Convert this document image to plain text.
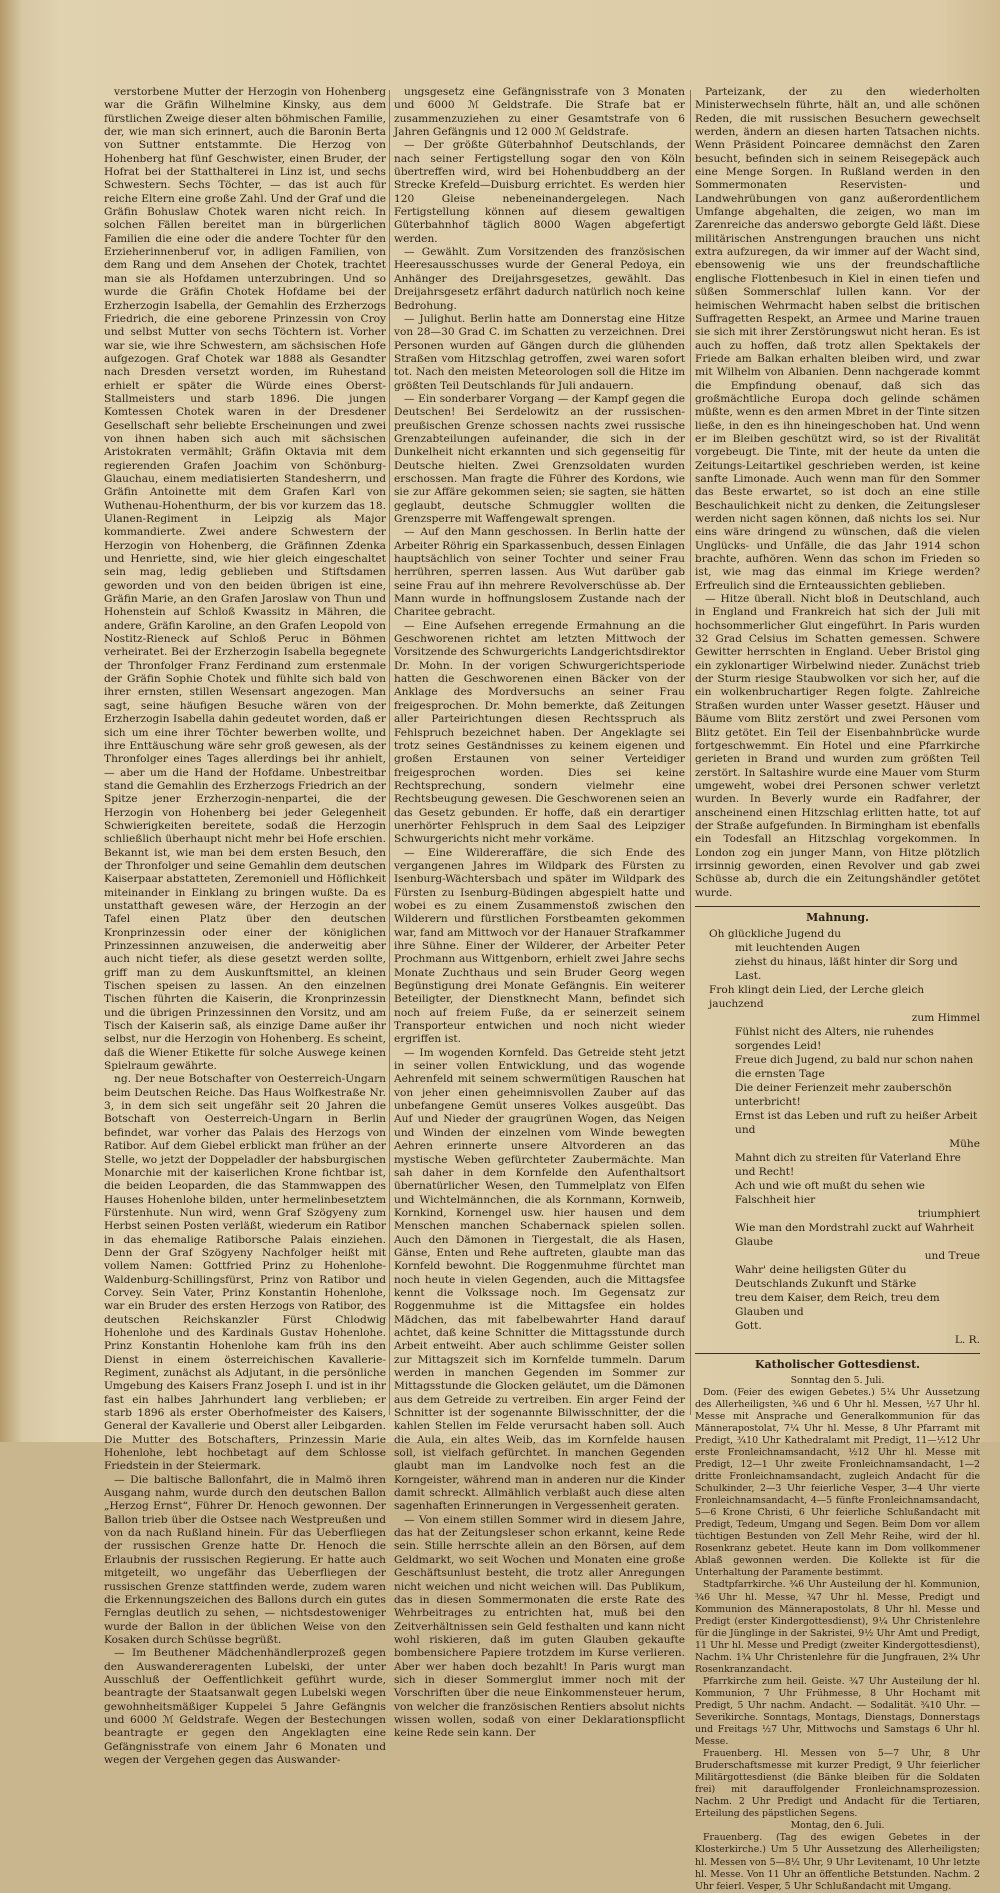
verstorbene Mutter der Herzogin von Hohenberg war die Gräfin Wilhelmine Kinsky, aus dem fürstlichen Zweige dieser alten böhmischen Familie, der, wie man sich erinnert, auch die Baronin Berta von Suttner entstammte. Die Herzog von Hohenberg hat fünf Geschwister, einen Bruder, der Hofrat bei der Statthalterei in Linz ist, und sechs Schwestern. Sechs Töchter, — das ist auch für reiche Eltern eine große Zahl. Und der Graf und die Gräfin Bohuslaw Chotek waren nicht reich. In solchen Fällen bereitet man in bürgerlichen Familien die eine oder die andere Tochter für den Erzieherinnenberuf vor, in adligen Familien, von dem Rang und dem Ansehen der Chotek, trachtet man sie als Hofdamen unterzubringen. Und so wurde die Gräfin Chotek Hofdame bei der Erzherzogin Isabella, der Gemahlin des Erzherzogs Friedrich, die eine geborene Prinzessin von Croy und selbst Mutter von sechs Töchtern ist. Vorher war sie, wie ihre Schwestern, am sächsischen Hofe aufgezogen. Graf Chotek war 1888 als Gesandter nach Dresden versetzt worden, im Ruhestand erhielt er später die Würde eines Oberst-Stallmeisters und starb 1896. Die jungen Komtessen Chotek waren in der Dresdener Gesellschaft sehr beliebte Erscheinungen und zwei von ihnen haben sich auch mit sächsischen Aristokraten vermählt; Gräfin Oktavia mit dem regierenden Grafen Joachim von Schönburg-Glauchau, einem mediatisierten Standesherrn, und Gräfin Antoinette mit dem Grafen Karl von Wuthenau-Hohenthurm, der bis vor kurzem das 18. Ulanen-Regiment in Leipzig als Major kommandierte. Zwei andere Schwestern der Herzogin von Hohenberg, die Gräfinnen Zdenka und Henriette, sind, wie hier gleich eingeschaltet sein mag, ledig geblieben und Stiftsdamen geworden und von den beiden übrigen ist eine, Gräfin Marie, an den Grafen Jaroslaw von Thun und Hohenstein auf Schloß Kwassitz in Mähren, die andere, Gräfin Karoline, an den Grafen Leopold von Nostitz-Rieneck auf Schloß Peruc in Böhmen verheiratet. Bei der Erzherzogin Isabella begegnete der Thronfolger Franz Ferdinand zum erstenmale der Gräfin Sophie Chotek und fühlte sich bald von ihrer ernsten, stillen Wesensart angezogen. Man sagt, seine häufigen Besuche wären von der Erzherzogin Isabella dahin gedeutet worden, daß er sich um eine ihrer Töchter bewerben wollte, und ihre Enttäuschung wäre sehr groß gewesen, als der Thronfolger eines Tages allerdings bei ihr anhielt, — aber um die Hand der Hofdame. Unbestreitbar stand die Gemahlin des Erzherzogs Friedrich an der Spitze jener Erzherzogin-nenpartei, die der Herzogin von Hohenberg bei jeder Gelegenheit Schwierigkeiten bereitete, sodaß die Herzogin schließlich überhaupt nicht mehr bei Hofe erschien. Bekannt ist, wie man bei dem ersten Besuch, den der Thronfolger und seine Gemahlin dem deutschen Kaiserpaar abstatteten, Zeremoniell und Höflichkeit miteinander in Einklang zu bringen wußte. Da es unstatthaft gewesen wäre, der Herzogin an der Tafel einen Platz über den deutschen Kronprinzessin oder einer der königlichen Prinzessinnen anzuweisen, die anderweitig aber auch nicht tiefer, als diese gesetzt werden sollte, griff man zu dem Auskunftsmittel, an kleinen Tischen speisen zu lassen. An den einzelnen Tischen führten die Kaiserin, die Kronprinzessin und die übrigen Prinzessinnen den Vorsitz, und am Tisch der Kaiserin saß, als einzige Dame außer ihr selbst, nur die Herzogin von Hohenberg. Es scheint, daß die Wiener Etikette für solche Auswege keinen Spielraum gewährte.

ng. Der neue Botschafter von Oesterreich-Ungarn beim Deutschen Reiche. Das Haus Wolfkestraße Nr. 3, in dem sich seit ungefähr seit 20 Jahren die Botschaft von Oesterreich-Ungarn in Berlin befindet, war vorher das Palais des Herzogs von Ratibor. Auf dem Giebel erblickt man früher an der Stelle, wo jetzt der Doppeladler der habsburgischen Monarchie mit der kaiserlichen Krone fichtbar ist, die beiden Leoparden, die das Stammwappen des Hauses Hohenlohe bilden, unter hermelinbesetztem Fürstenhute. Nun wird, wenn Graf Szögyeny zum Herbst seinen Posten verläßt, wiederum ein Ratibor in das ehemalige Ratiborsche Palais einziehen. Denn der Graf Szögyeny Nachfolger heißt mit vollem Namen: Gottfried Prinz zu Hohenlohe-Waldenburg-Schillingsfürst, Prinz von Ratibor und Corvey. Sein Vater, Prinz Konstantin Hohenlohe, war ein Bruder des ersten Herzogs von Ratibor, des deutschen Reichskanzler Fürst Chlodwig Hohenlohe und des Kardinals Gustav Hohenlohe. Prinz Konstantin Hohenlohe kam früh ins den Dienst in einem österreichischen Kavallerie-Regiment, zunächst als Adjutant, in die persönliche Umgebung des Kaisers Franz Joseph I. und ist in ihr fast ein halbes Jahrhundert lang verblieben; er starb 1896 als erster Oberhofmeister des Kaisers, General der Kavallerie und Oberst aller Leibgarden. Die Mutter des Botschafters, Prinzessin Marie Hohenlohe, lebt hochbetagt auf dem Schlosse Friedstein in der Steiermark.

— Die baltische Ballonfahrt, die in Malmö ihren Ausgang nahm, wurde durch den deutschen Ballon „Herzog Ernst“, Führer Dr. Henoch gewonnen. Der Ballon trieb über die Ostsee nach Westpreußen und von da nach Rußland hinein. Für das Ueberfliegen der russischen Grenze hatte Dr. Henoch die Erlaubnis der russischen Regierung. Er hatte auch mitgeteilt, wo ungefähr das Ueberfliegen der russischen Grenze stattfinden werde, zudem waren die Erkennungszeichen des Ballons durch ein gutes Fernglas deutlich zu sehen, — nichtsdestoweniger wurde der Ballon in der üblichen Weise von den Kosaken durch Schüsse begrüßt.

— Im Beuthener Mädchenhändlerprozeß gegen den Auswandereragenten Lubelski, der unter Ausschluß der Oeffentlichkeit geführt wurde, beantragte der Staatsanwalt gegen Lubelski wegen gewohnheitsmäßiger Kuppelei 5 Jahre Gefängnis und 6000 ℳ Geldstrafe. Wegen der Bestechungen beantragte er gegen den Angeklagten eine Gefängnisstrafe von einem Jahr 6 Monaten und wegen der Vergehen gegen das Auswander-

ungsgesetz eine Gefängnisstrafe von 3 Monaten und 6000 ℳ Geldstrafe. Die Strafe bat er zusammenzuziehen zu einer Gesamtstrafe von 6 Jahren Gefängnis und 12 000 ℳ Geldstrafe.

— Der größte Güterbahnhof Deutschlands, der nach seiner Fertigstellung sogar den von Köln übertreffen wird, wird bei Hohenbuddberg an der Strecke Krefeld—Duisburg errichtet. Es werden hier 120 Gleise nebeneinandergelegen. Nach Fertigstellung können auf diesem gewaltigen Güterbahnhof täglich 8000 Wagen abgefertigt werden.

— Gewählt. Zum Vorsitzenden des französischen Heeresausschusses wurde der General Pedoya, ein Anhänger des Dreijahrsgesetzes, gewählt. Das Dreijahrsgesetz erfährt dadurch natürlich noch keine Bedrohung.

— Julighut. Berlin hatte am Donnerstag eine Hitze von 28—30 Grad C. im Schatten zu verzeichnen. Drei Personen wurden auf Gängen durch die glühenden Straßen vom Hitzschlag getroffen, zwei waren sofort tot. Nach den meisten Meteorologen soll die Hitze im größten Teil Deutschlands für Juli andauern.

— Ein sonderbarer Vorgang — der Kampf gegen die Deutschen! Bei Serdelowitz an der russischen-preußischen Grenze schossen nachts zwei russische Grenzabteilungen aufeinander, die sich in der Dunkelheit nicht erkannten und sich gegenseitig für Deutsche hielten. Zwei Grenzsoldaten wurden erschossen. Man fragte die Führer des Kordons, wie sie zur Affäre gekommen seien; sie sagten, sie hätten geglaubt, deutsche Schmuggler wollten die Grenzsperre mit Waffengewalt sprengen.

— Auf den Mann geschossen. In Berlin hatte der Arbeiter Röhrig ein Sparkassenbuch, dessen Einlagen hauptsächlich von seiner Tochter und seiner Frau herrühren, sperren lassen. Aus Wut darüber gab seine Frau auf ihn mehrere Revolverschüsse ab. Der Mann wurde in hoffnungslosem Zustande nach der Charitee gebracht.

— Eine Aufsehen erregende Ermahnung an die Geschworenen richtet am letzten Mittwoch der Vorsitzende des Schwurgerichts Landgerichtsdirektor Dr. Mohn. In der vorigen Schwurgerichtsperiode hatten die Geschworenen einen Bäcker von der Anklage des Mordversuchs an seiner Frau freigesprochen. Dr. Mohn bemerkte, daß Zeitungen aller Parteirichtungen diesen Rechtsspruch als Fehlspruch bezeichnet haben. Der Angeklagte sei trotz seines Geständnisses zu keinem eigenen und großen Erstaunen von seiner Verteidiger freigesprochen worden. Dies sei keine Rechtsprechung, sondern vielmehr eine Rechtsbeugung gewesen. Die Geschworenen seien an das Gesetz gebunden. Er hoffe, daß ein derartiger unerhörter Fehlspruch in dem Saal des Leipziger Schwurgerichts nicht mehr vorkäme.

— Eine Wildereraffäre, die sich Ende des vergangenen Jahres im Wildpark des Fürsten zu Isenburg-Wächtersbach und später im Wildpark des Fürsten zu Isenburg-Büdingen abgespielt hatte und wobei es zu einem Zusammenstoß zwischen den Wilderern und fürstlichen Forstbeamten gekommen war, fand am Mittwoch vor der Hanauer Strafkammer ihre Sühne. Einer der Wilderer, der Arbeiter Peter Prochmann aus Wittgenborn, erhielt zwei Jahre sechs Monate Zuchthaus und sein Bruder Georg wegen Begünstigung drei Monate Gefängnis. Ein weiterer Beteiligter, der Dienstknecht Mann, befindet sich noch auf freiem Fuße, da er seinerzeit seinem Transporteur entwichen und noch nicht wieder ergriffen ist.

— Im wogenden Kornfeld. Das Getreide steht jetzt in seiner vollen Entwicklung, und das wogende Aehrenfeld mit seinem schwermütigen Rauschen hat von jeher einen geheimnisvollen Zauber auf das unbefangene Gemüt unseres Volkes ausgeübt. Das Auf und Nieder der graugrünen Wogen, das Neigen und Winden der einzelnen vom Winde bewegten Aehren erinnerte unsere Altvorderen an das mystische Weben gefürchteter Zaubermächte. Man sah daher in dem Kornfelde den Aufenthaltsort übernatürlicher Wesen, den Tummelplatz von Elfen und Wichtelmännchen, die als Kornmann, Kornweib, Kornkind, Kornengel usw. hier hausen und dem Menschen manchen Schabernack spielen sollen. Auch den Dämonen in Tiergestalt, die als Hasen, Gänse, Enten und Rehe auftreten, glaubte man das Kornfeld bewohnt. Die Roggenmuhme fürchtet man noch heute in vielen Gegenden, auch die Mittagsfee kennt die Volkssage noch. Im Gegensatz zur Roggenmuhme ist die Mittagsfee ein holdes Mädchen, das mit fabelbewahrter Hand darauf achtet, daß keine Schnitter die Mittagsstunde durch Arbeit entweiht. Aber auch schlimme Geister sollen zur Mittagszeit sich im Kornfelde tummeln. Darum werden in manchen Gegenden im Sommer zur Mittagsstunde die Glocken geläutet, um die Dämonen aus dem Getreide zu vertreiben. Ein arger Feind der Schnitter ist der sogenannte Bilwisschnitter, der die kahlen Stellen im Felde verursacht haben soll. Auch die Aula, ein altes Weib, das im Kornfelde hausen soll, ist vielfach gefürchtet. In manchen Gegenden glaubt man im Landvolke noch fest an die Korngeister, während man in anderen nur die Kinder damit schreckt. Allmählich verblaßt auch diese alten sagenhaften Erinnerungen in Vergessenheit geraten.

— Von einem stillen Sommer wird in diesem Jahre, das hat der Zeitungsleser schon erkannt, keine Rede sein. Stille herrschte allein an den Börsen, auf dem Geldmarkt, wo seit Wochen und Monaten eine große Geschäftsunlust besteht, die trotz aller Anregungen nicht weichen und nicht weichen will. Das Publikum, das in diesen Sommermonaten die erste Rate des Wehrbeitrages zu entrichten hat, muß bei den Zeitverhältnissen sein Geld festhalten und kann nicht wohl riskieren, daß im guten Glauben gekaufte bombensichere Papiere trotzdem im Kurse verlieren. Aber wer haben doch bezahlt! In Paris wurgt man sich in dieser Sommerglut immer noch mit der Vorschriften über die neue Einkommensteuer herum, von welcher die französischen Rentiers absolut nichts wissen wollen, sodaß von einer Deklarationspflicht keine Rede sein kann. Der

Parteizank, der zu den wiederholten Ministerwechseln führte, hält an, und alle schönen Reden, die mit russischen Besuchern gewechselt werden, ändern an diesen harten Tatsachen nichts. Wenn Präsident Poincaree demnächst den Zaren besucht, befinden sich in seinem Reisegepäck auch eine Menge Sorgen. In Rußland werden in den Sommermonaten Reservisten- und Landwehrübungen von ganz außerordentlichem Umfange abgehalten, die zeigen, wo man im Zarenreiche das anderswo geborgte Geld läßt. Diese militärischen Anstrengungen brauchen uns nicht extra aufzuregen, da wir immer auf der Wacht sind, ebensowenig wie uns der freundschaftliche englische Flottenbesuch in Kiel in einen tiefen und süßen Sommerschlaf lullen kann. Vor der heimischen Wehrmacht haben selbst die britischen Suffragetten Respekt, an Armee und Marine trauen sie sich mit ihrer Zerstörungswut nicht heran. Es ist auch zu hoffen, daß trotz allen Spektakels der Friede am Balkan erhalten bleiben wird, und zwar mit Wilhelm von Albanien. Denn nachgerade kommt die Empfindung obenauf, daß sich das großmächtliche Europa doch gelinde schämen müßte, wenn es den armen Mbret in der Tinte sitzen ließe, in den es ihn hineingeschoben hat. Und wenn er im Bleiben geschützt wird, so ist der Rivalität vorgebeugt. Die Tinte, mit der heute da unten die Zeitungs-Leitartikel geschrieben werden, ist keine sanfte Limonade. Auch wenn man für den Sommer das Beste erwartet, so ist doch an eine stille Beschaulichkeit nicht zu denken, die Zeitungsleser werden nicht sagen können, daß nichts los sei. Nur eins wäre dringend zu wünschen, daß die vielen Unglücks- und Unfälle, die das Jahr 1914 schon brachte, aufhören. Wenn das schon im Frieden so ist, wie mag das einmal im Kriege werden? Erfreulich sind die Ernteaussichten geblieben.

— Hitze überall. Nicht bloß in Deutschland, auch in England und Frankreich hat sich der Juli mit hochsommerlicher Glut eingeführt. In Paris wurden 32 Grad Celsius im Schatten gemessen. Schwere Gewitter herrschten in England. Ueber Bristol ging ein zyklonartiger Wirbelwind nieder. Zunächst trieb der Sturm riesige Staubwolken vor sich her, auf die ein wolkenbruchartiger Regen folgte. Zahlreiche Straßen wurden unter Wasser gesetzt. Häuser und Bäume vom Blitz zerstört und zwei Personen vom Blitz getötet. Ein Teil der Eisenbahnbrücke wurde fortgeschwemmt. Ein Hotel und eine Pfarrkirche gerieten in Brand und wurden zum größten Teil zerstört. In Saltashire wurde eine Mauer vom Sturm umgeweht, wobei drei Personen schwer verletzt wurden. In Beverly wurde ein Radfahrer, der anscheinend einen Hitzschlag erlitten hatte, tot auf der Straße aufgefunden. In Birmingham ist ebenfalls ein Todesfall an Hitzschlag vorgekommen. In London zog ein junger Mann, von Hitze plötzlich irrsinnig geworden, einen Revolver und gab zwei Schüsse ab, durch die ein Zeitungshändler getötet wurde.

Mahnung.
Oh glückliche Jugend du
mit leuchtenden Augen
ziehst du hinaus, läßt hinter dir Sorg und Last.
Froh klingt dein Lied, der Lerche gleich jauchzend
zum Himmel
Fühlst nicht des Alters, nie ruhendes sorgendes Leid!
Freue dich Jugend, zu bald nur schon nahen die ernsten Tage
Die deiner Ferienzeit mehr zauberschön unterbricht!
Ernst ist das Leben und ruft zu heißer Arbeit und
Mühe
Mahnt dich zu streiten für Vaterland Ehre und Recht!
Ach und wie oft mußt du sehen wie Falschheit hier
triumphiert
Wie man den Mordstrahl zuckt auf Wahrheit Glaube
und Treue
Wahr' deine heiligsten Güter du Deutschlands Zukunft und Stärke
treu dem Kaiser, dem Reich, treu dem Glauben und
Gott.
L. R.
Katholischer Gottesdienst.

Sonntag den 5. Juli.

Dom. (Feier des ewigen Gebetes.) 5¼ Uhr Aussetzung des Allerheiligsten, ¾6 und 6 Uhr hl. Messen, ½7 Uhr hl. Messe mit Ansprache und Generalkommunion für das Männerapostolat, 7¼ Uhr hl. Messe, 8 Uhr Pfarramt mit Predigt, ¾10 Uhr Kathedralamt mit Predigt, 11—½12 Uhr erste Fronleichnamsandacht, ½12 Uhr hl. Messe mit Predigt, 12—1 Uhr zweite Fronleichnamsandacht, 1—2 dritte Fronleichnamsandacht, zugleich Andacht für die Schulkinder, 2—3 Uhr feierliche Vesper, 3—4 Uhr vierte Fronleichnamsandacht, 4—5 fünfte Fronleichnamsandacht, 5—6 Krone Christi, 6 Uhr feierliche Schlußandacht mit Predigt, Tedeum, Umgang und Segen. Beim Dom vor allem tüchtigen Bestunden von Zell Mehr Reihe, wird der hl. Rosenkranz gebetet. Heute kann im Dom vollkommener Ablaß gewonnen werden. Die Kollekte ist für die Unterhaltung der Paramente bestimmt.

Stadtpfarrkirche. ¾6 Uhr Austeilung der hl. Kommunion, ¾6 Uhr hl. Messe, ¾7 Uhr hl. Messe, Predigt und Kommunion des Männerapostolats, 8 Uhr hl. Messe und Predigt (erster Kindergottesdienst), 9¼ Uhr Christenlehre für die Jünglinge in der Sakristei, 9½ Uhr Amt und Predigt, 11 Uhr hl. Messe und Predigt (zweiter Kindergottesdienst), Nachm. 1¾ Uhr Christenlehre für die Jungfrauen, 2¾ Uhr Rosenkranzandacht.

Pfarrkirche zum heil. Geiste. ¾7 Uhr Austeilung der hl. Kommunion, 7 Uhr Frühmesse, 8 Uhr Hochamt mit Predigt, 5 Uhr nachm. Andacht. — Sodalität. ¾10 Uhr. — Severikirche. Sonntags, Montags, Dienstags, Donnerstags und Freitags ½7 Uhr, Mittwochs und Samstags 6 Uhr hl. Messe.

Frauenberg. Hl. Messen von 5—7 Uhr, 8 Uhr Bruderschaftsmesse mit kurzer Predigt, 9 Uhr feierlicher Militärgottesdienst (die Bänke bleiben für die Soldaten frei) mit darauffolgender Fronleichnamsprozession. Nachm. 2 Uhr Predigt und Andacht für die Tertiaren, Erteilung des päpstlichen Segens.

Montag, den 6. Juli.

Frauenberg. (Tag des ewigen Gebetes in der Klosterkirche.) Um 5 Uhr Aussetzung des Allerheiligsten; hl. Messen von 5—8½ Uhr, 9 Uhr Levitenamt, 10 Uhr letzte hl. Messe. Von 11 Uhr an öffentliche Betstunden. Nachm. 2 Uhr feierl. Vesper, 5 Uhr Schlußandacht mit Umgang.
